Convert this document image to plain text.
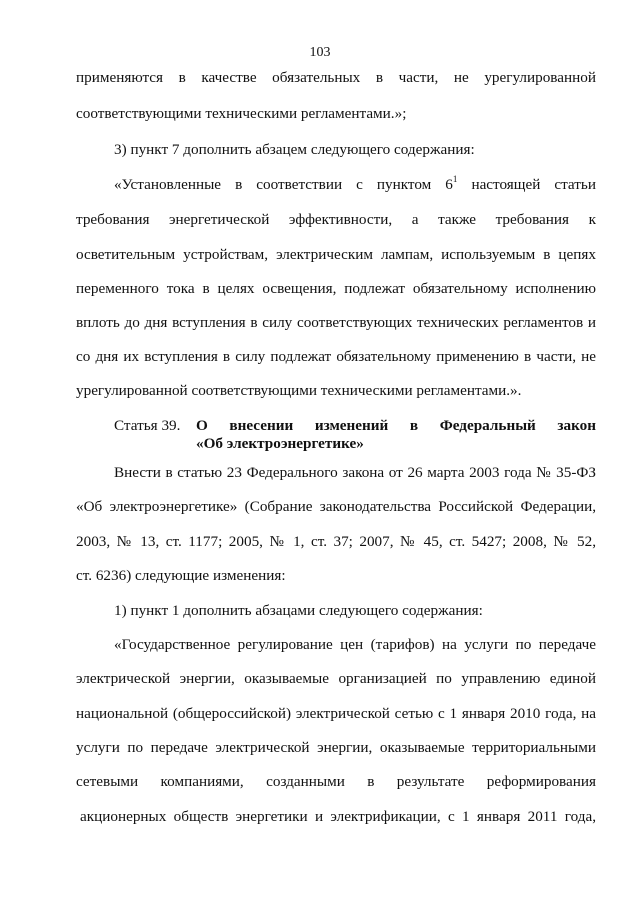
103
применяются в качестве обязательных в части, не урегулированной
соответствующими техническими регламентами.»;
3) пункт 7 дополнить абзацем следующего содержания:
«Установленные в соответствии с пунктом $6^1$ настоящей статьи
требования энергетической эффективности, а также требования к
осветительным устройствам, электрическим лампам, используемым в цепях
переменного тока в целях освещения, подлежат обязательному исполнению
вплоть до дня вступления в силу соответствующих технических регламентов и
со дня их вступления в силу подлежат обязательному применению в части, не
урегулированной соответствующими техническими регламентами.».
Статья 39.	О внесении изменений в Федеральный закон
«Об электроэнергетике»
Внести в статью 23 Федерального закона от 26 марта 2003 года № 35-ФЗ
«Об электроэнергетике» (Собрание законодательства Российской Федерации,
2003, № 13, ст. 1177; 2005, № 1, ст. 37; 2007, № 45, ст. 5427; 2008, № 52,
ст. 6236) следующие изменения:
1) пункт 1 дополнить абзацами следующего содержания:
«Государственное регулирование цен (тарифов) на услуги по передаче
электрической энергии, оказываемые организацией по управлению единой
национальной (общероссийской) электрической сетью с 1 января 2010 года, на
услуги по передаче электрической энергии, оказываемые территориальными
сетевыми компаниями, созданными в результате реформирования
акционерных обществ энергетики и электрификации, с 1 января 2011 года,
